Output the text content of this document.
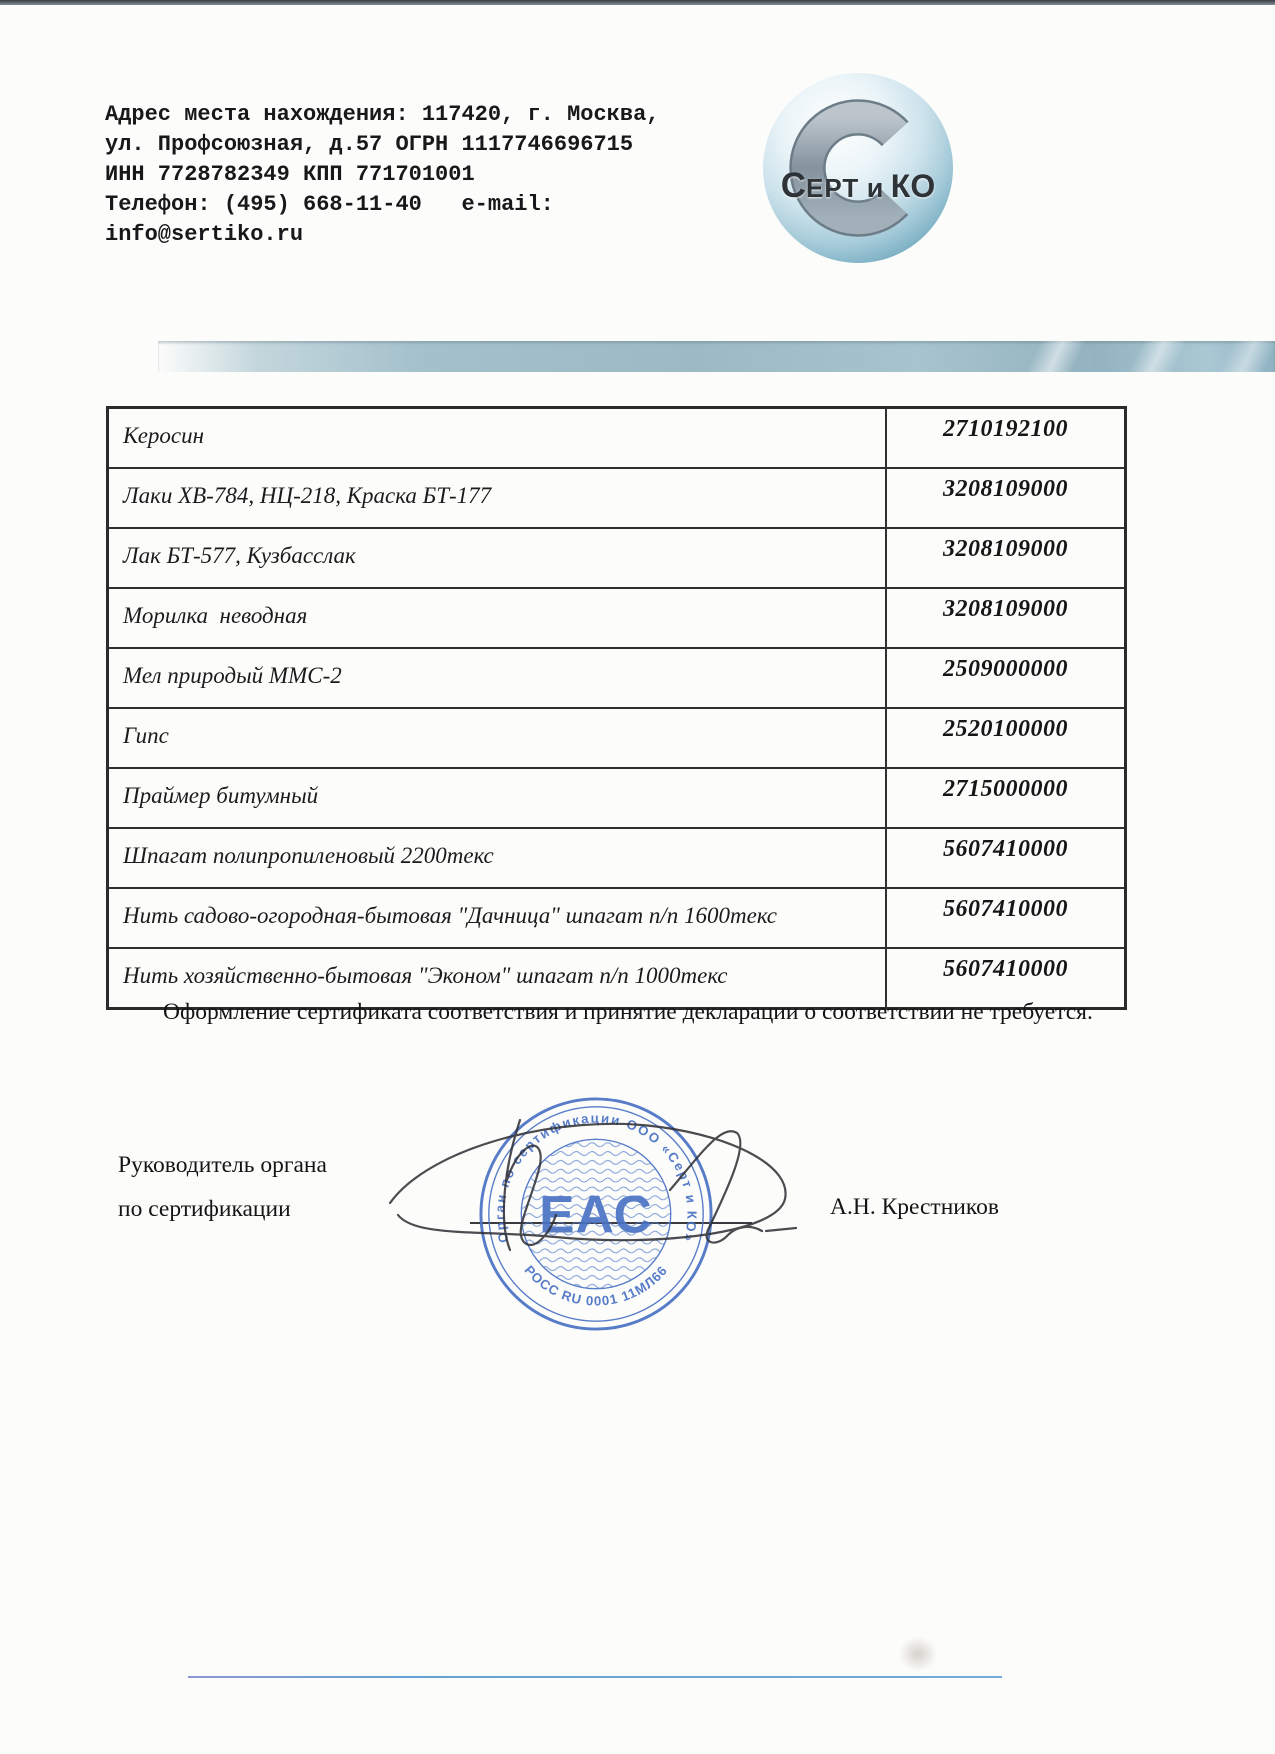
Адрес места нахождения: 117420, г. Москва,
ул. Профсоюзная, д.57 ОГРН 1117746696715
ИНН 7728782349 КПП 771701001
Телефон: (495) 668-11-40   e-mail:
info@sertiko.ru
СЕРТ и КО
Керосин	2710192100
Лаки ХВ-784, НЦ-218, Краска БТ-177	3208109000
Лак БТ-577, Кузбасслак	3208109000
Морилка  неводная	3208109000
Мел природый ММС-2	2509000000
Гипс	2520100000
Праймер битумный	2715000000
Шпагат полипропиленовый 2200текс	5607410000
Нить садово-огородная-бытовая "Дачница" шпагат п/п 1600текс	5607410000
Нить хозяйственно-бытовая "Эконом" шпагат п/п 1000текс	5607410000
Оформление сертификата соответствия и принятие декларации о соответствии не требуется.
Руководитель органа
по сертификации
Орган по сертификации ООО «Серт и КО»
РОСС RU 0001 11МЛ66
ЕАС	А.Н. Крестников
